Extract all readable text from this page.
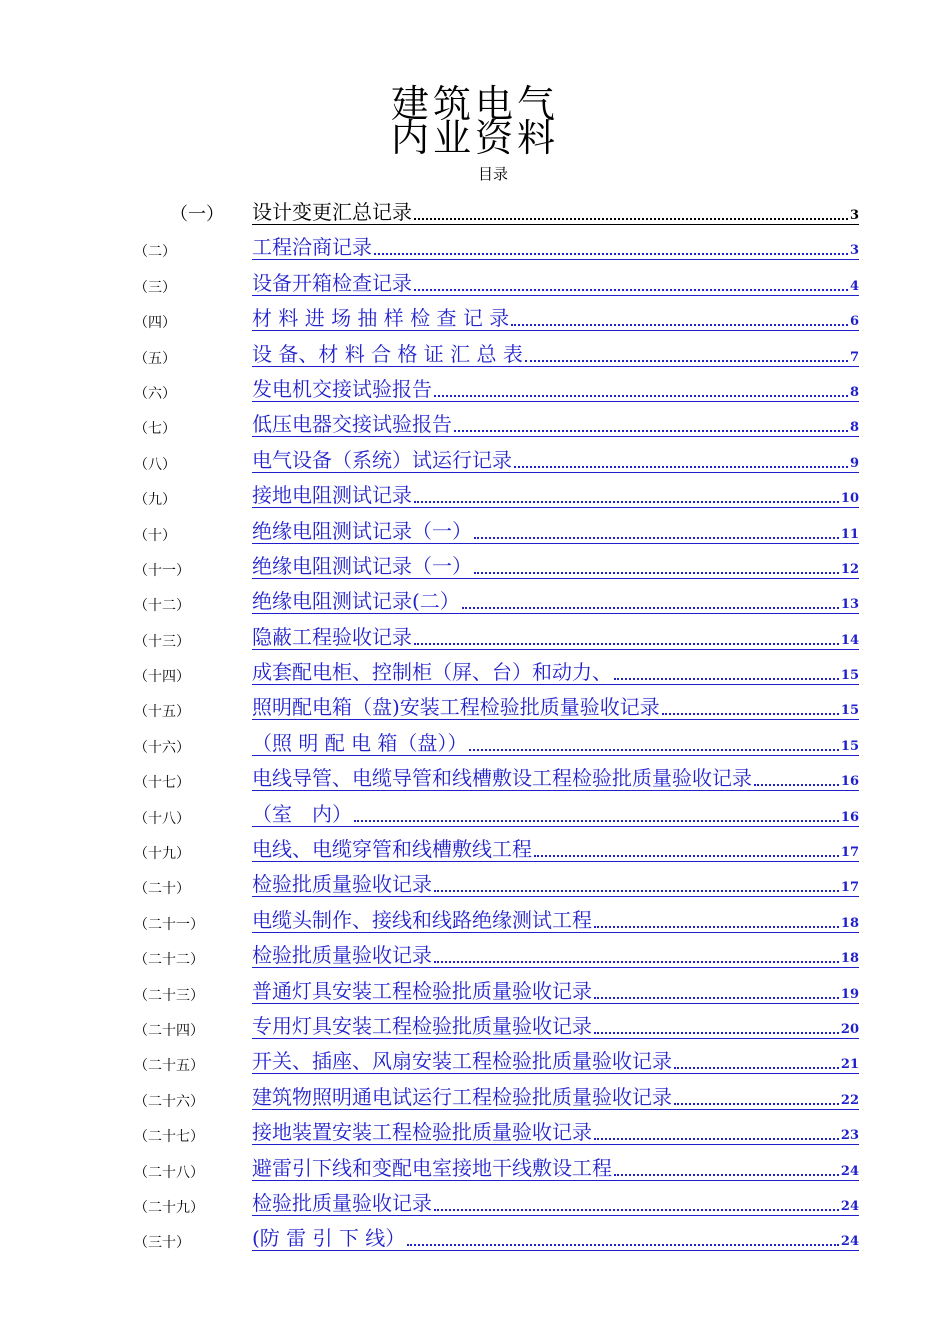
建筑电气
内业资料
目录
（一） 设计变更汇总记录	3
（二）	工程洽商记录	3
（三）	设备开箱检查记录	4
（四）	材 料 进 场 抽 样 检 查 记 录	6
（五）	设 备、材 料 合 格 证 汇 总 表	7
（六）	发电机交接试验报告	8
（七）	低压电器交接试验报告	8
（八）	电气设备（系统）试运行记录	9
（九）	接地电阻测试记录	10
（十）	绝缘电阻测试记录（一）	11
（十一）	绝缘电阻测试记录（一）	12
（十二）	绝缘电阻测试记录(二）	13
（十三）	隐蔽工程验收记录	14
（十四）	成套配电柜、控制柜（屏、台）和动力、	15
（十五）	照明配电箱（盘)安装工程检验批质量验收记录	15
（十六）	（照 明 配 电 箱（盘））	15
（十七）	电线导管、电缆导管和线槽敷设工程检验批质量验收记录	16
（十八）	（室　内）	16
（十九）	电线、电缆穿管和线槽敷线工程	17
（二十）	检验批质量验收记录	17
（二十一） 电缆头制作、接线和线路绝缘测试工程	18
（二十二） 检验批质量验收记录	18
（二十三） 普通灯具安装工程检验批质量验收记录	19
（二十四） 专用灯具安装工程检验批质量验收记录	20
（二十五） 开关、插座、风扇安装工程检验批质量验收记录	21
（二十六） 建筑物照明通电试运行工程检验批质量验收记录	22
（二十七） 接地装置安装工程检验批质量验收记录	23
（二十八） 避雷引下线和变配电室接地干线敷设工程	24
（二十九） 检验批质量验收记录	24
（三十）	(防 雷 引 下 线）	24
